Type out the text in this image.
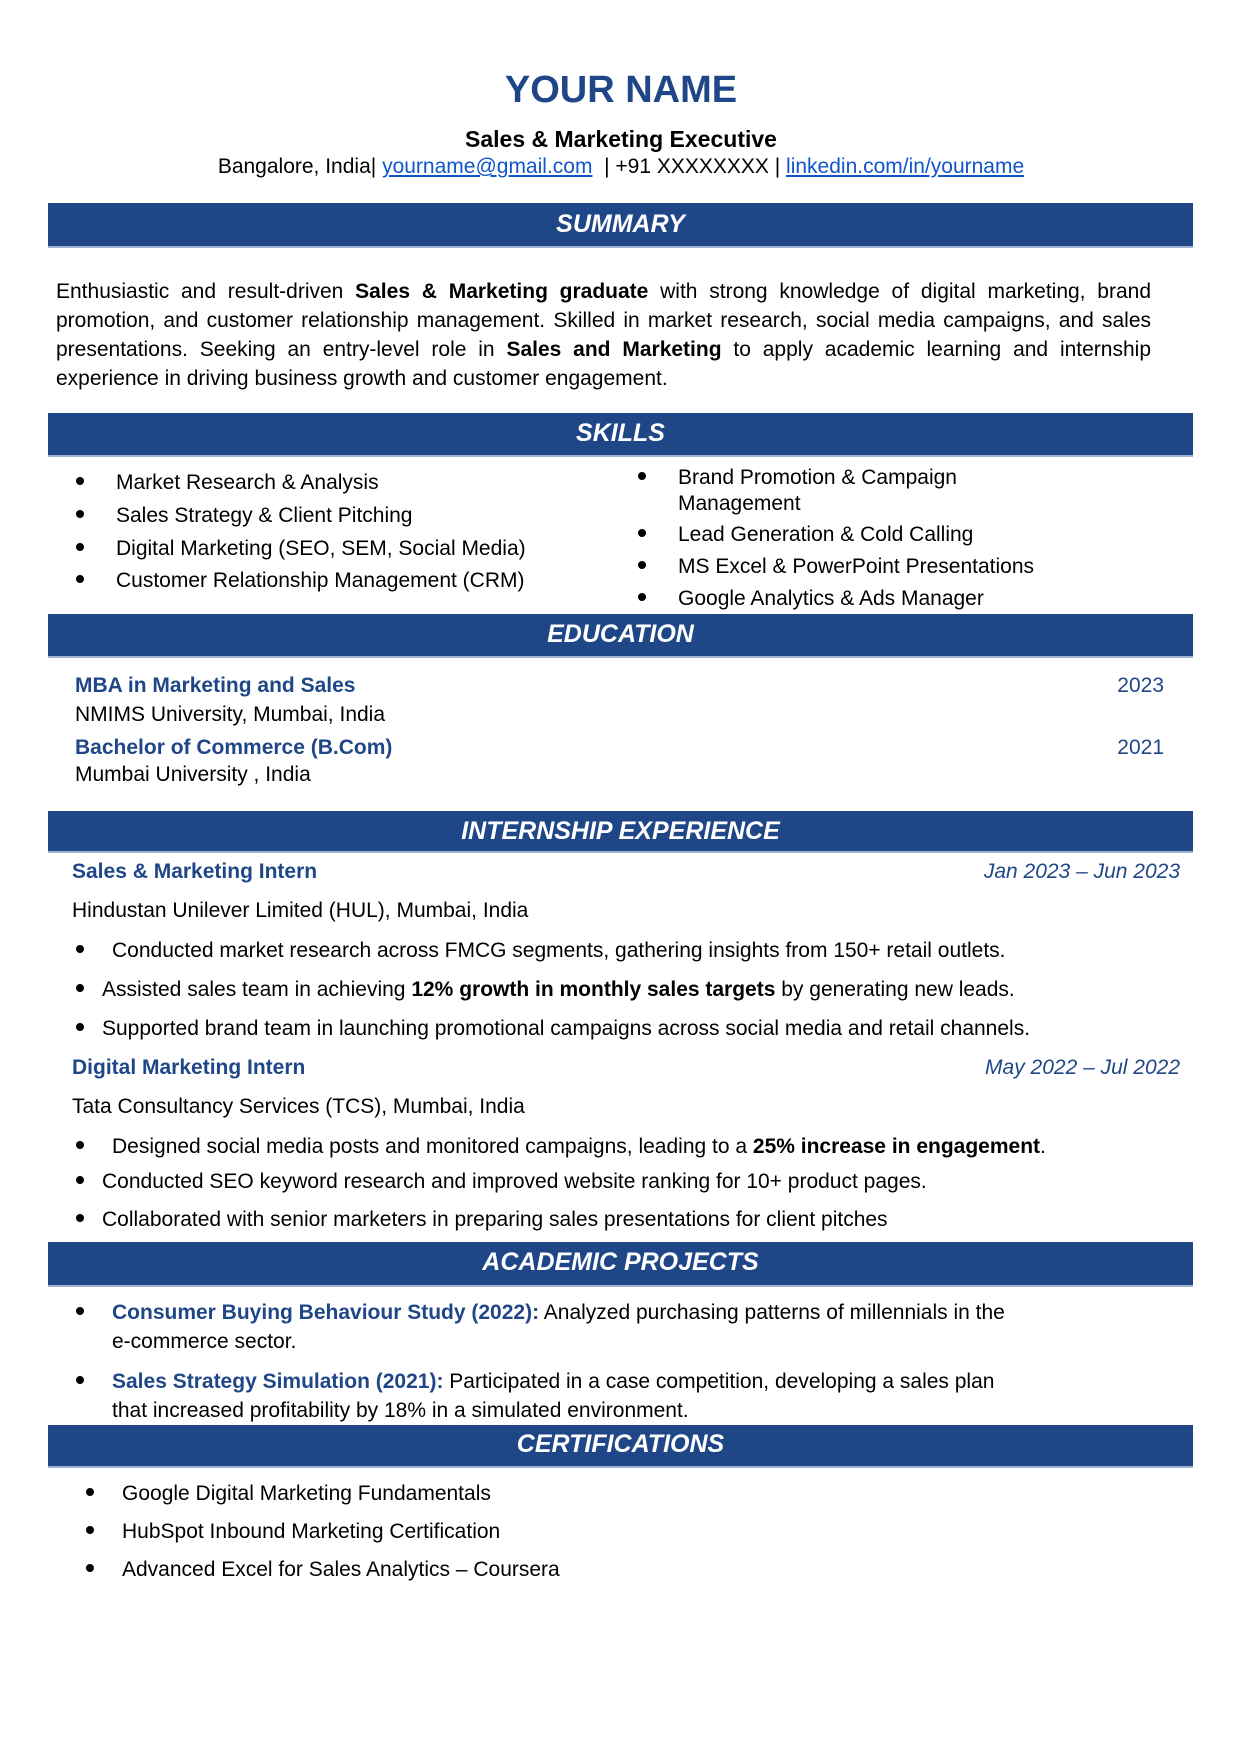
YOUR NAME
Sales & Marketing Executive
Bangalore, India| yourname@gmail.com  | +91 XXXXXXXX | linkedin.com/in/yourname
SUMMARY
Enthusiastic and result-driven Sales & Marketing graduate with strong knowledge of digital marketing, brand promotion, and customer relationship management. Skilled in market research, social media campaigns, and sales presentations. Seeking an entry-level role in Sales and Marketing to apply academic learning and internship experience in driving business growth and customer engagement.
SKILLS
Market Research & Analysis
Sales Strategy & Client Pitching
Digital Marketing (SEO, SEM, Social Media)
Customer Relationship Management (CRM)
Brand Promotion & Campaign
Management
Lead Generation & Cold Calling
MS Excel & PowerPoint Presentations
Google Analytics & Ads Manager
EDUCATION
MBA in Marketing and Sales	2023
NMIMS University, Mumbai, India
Bachelor of Commerce (B.Com)	2021
Mumbai University , India
INTERNSHIP EXPERIENCE
Sales & Marketing Intern	Jan 2023 – Jun 2023
Hindustan Unilever Limited (HUL), Mumbai, India
Conducted market research across FMCG segments, gathering insights from 150+ retail outlets.
Assisted sales team in achieving 12% growth in monthly sales targets by generating new leads.
Supported brand team in launching promotional campaigns across social media and retail channels.
Digital Marketing Intern	May 2022 – Jul 2022
Tata Consultancy Services (TCS), Mumbai, India
Designed social media posts and monitored campaigns, leading to a 25% increase in engagement.
Conducted SEO keyword research and improved website ranking for 10+ product pages.
Collaborated with senior marketers in preparing sales presentations for client pitches
ACADEMIC PROJECTS
Consumer Buying Behaviour Study (2022): Analyzed purchasing patterns of millennials in the
e-commerce sector.
Sales Strategy Simulation (2021): Participated in a case competition, developing a sales plan
that increased profitability by 18% in a simulated environment.
CERTIFICATIONS
Google Digital Marketing Fundamentals
HubSpot Inbound Marketing Certification
Advanced Excel for Sales Analytics – Coursera
